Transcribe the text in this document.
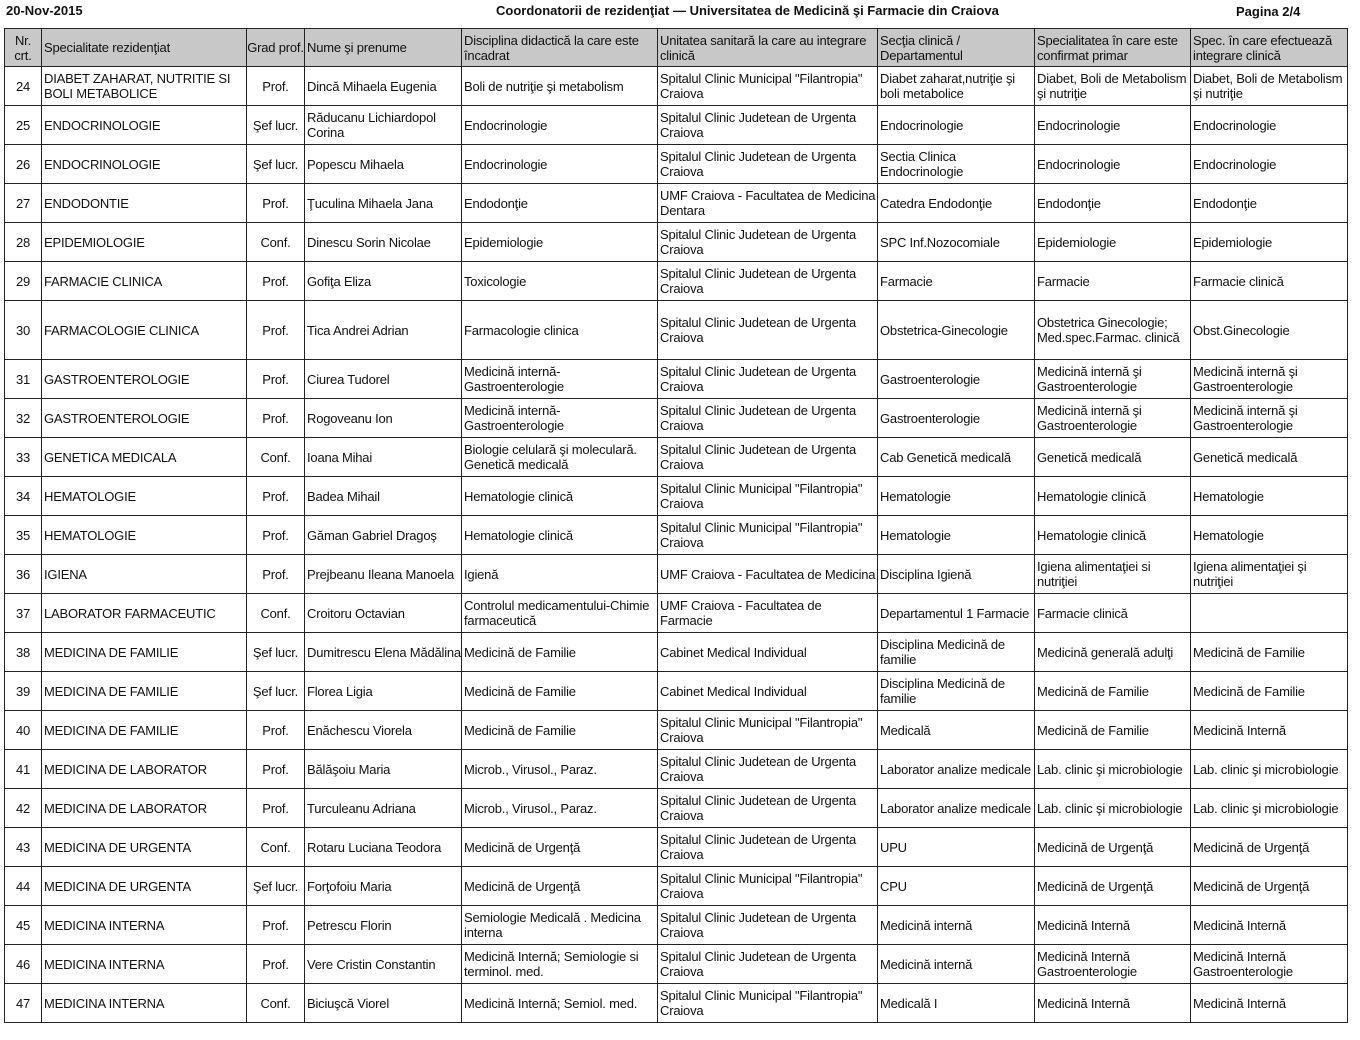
20-Nov-2015	Coordonatorii de rezidenţiat — Universitatea de Medicină şi Farmacie din Craiova	Pagina 2/4
Nr. crt.	Specialitate rezidenţiat	Grad prof.	Nume şi prenume	Disciplina didactică la care este încadrat	Unitatea sanitară la care au integrare clinică	Secţia clinică / Departamentul	Specialitatea în care este confirmat primar	Spec. în care efectuează integrare clinică
24	DIABET ZAHARAT, NUTRITIE SI BOLI METABOLICE	Prof.	Dincă Mihaela Eugenia	Boli de nutriţie şi metabolism	Spitalul Clinic Municipal "Filantropia" Craiova	Diabet zaharat,nutriţie şi boli metabolice	Diabet, Boli de Metabolism şi nutriţie	Diabet, Boli de Metabolism şi nutriţie
25	ENDOCRINOLOGIE	Şef lucr.	Răducanu Lichiardopol Corina	Endocrinologie	Spitalul Clinic Judetean de Urgenta Craiova	Endocrinologie	Endocrinologie	Endocrinologie
26	ENDOCRINOLOGIE	Şef lucr.	Popescu Mihaela	Endocrinologie	Spitalul Clinic Judetean de Urgenta Craiova	Sectia Clinica Endocrinologie	Endocrinologie	Endocrinologie
27	ENDODONTIE	Prof.	Ţuculina Mihaela Jana	Endodonţie	UMF Craiova - Facultatea de Medicina Dentara	Catedra Endodonţie	Endodonţie	Endodonţie
28	EPIDEMIOLOGIE	Conf.	Dinescu Sorin Nicolae	Epidemiologie	Spitalul Clinic Judetean de Urgenta Craiova	SPC Inf.Nozocomiale	Epidemiologie	Epidemiologie
29	FARMACIE CLINICA	Prof.	Gofiţa Eliza	Toxicologie	Spitalul Clinic Judetean de Urgenta Craiova	Farmacie	Farmacie	Farmacie clinică
30	FARMACOLOGIE CLINICA	Prof.	Tica Andrei Adrian	Farmacologie clinica	Spitalul Clinic Judetean de Urgenta Craiova	Obstetrica-Ginecologie	Obstetrica Ginecologie; Med.spec.Farmac. clinică	Obst.Ginecologie
31	GASTROENTEROLOGIE	Prof.	Ciurea Tudorel	Medicină internă-Gastroenterologie	Spitalul Clinic Judetean de Urgenta Craiova	Gastroenterologie	Medicină internă şi Gastroenterologie	Medicină internă şi Gastroenterologie
32	GASTROENTEROLOGIE	Prof.	Rogoveanu Ion	Medicină internă-Gastroenterologie	Spitalul Clinic Judetean de Urgenta Craiova	Gastroenterologie	Medicină internă şi Gastroenterologie	Medicină internă şi Gastroenterologie
33	GENETICA MEDICALA	Conf.	Ioana Mihai	Biologie celulară şi moleculară. Genetică medicală	Spitalul Clinic Judetean de Urgenta Craiova	Cab Genetică medicală	Genetică medicală	Genetică medicală
34	HEMATOLOGIE	Prof.	Badea Mihail	Hematologie clinică	Spitalul Clinic Municipal "Filantropia" Craiova	Hematologie	Hematologie clinică	Hematologie
35	HEMATOLOGIE	Prof.	Găman Gabriel Dragoş	Hematologie clinică	Spitalul Clinic Municipal "Filantropia" Craiova	Hematologie	Hematologie clinică	Hematologie
36	IGIENA	Prof.	Prejbeanu Ileana Manoela	Igienă	UMF Craiova - Facultatea de Medicina	Disciplina Igienă	Igiena alimentaţiei si nutriţiei	Igiena alimentaţiei şi nutriţiei
37	LABORATOR FARMACEUTIC	Conf.	Croitoru Octavian	Controlul medicamentului-Chimie farmaceutică	UMF Craiova - Facultatea de Farmacie	Departamentul 1 Farmacie	Farmacie clinică	
38	MEDICINA DE FAMILIE	Şef lucr.	Dumitrescu Elena Mădălina	Medicină de Familie	Cabinet Medical Individual	Disciplina Medicină de familie	Medicină generală adulţi	Medicină de Familie
39	MEDICINA DE FAMILIE	Şef lucr.	Florea Ligia	Medicină de Familie	Cabinet Medical Individual	Disciplina Medicină de familie	Medicină de Familie	Medicină de Familie
40	MEDICINA DE FAMILIE	Prof.	Enăchescu Viorela	Medicină de Familie	Spitalul Clinic Municipal "Filantropia" Craiova	Medicală	Medicină de Familie	Medicină Internă
41	MEDICINA DE LABORATOR	Prof.	Bălăşoiu Maria	Microb., Virusol., Paraz.	Spitalul Clinic Judetean de Urgenta Craiova	Laborator analize medicale	Lab. clinic şi microbiologie	Lab. clinic şi microbiologie
42	MEDICINA DE LABORATOR	Prof.	Turculeanu Adriana	Microb., Virusol., Paraz.	Spitalul Clinic Judetean de Urgenta Craiova	Laborator analize medicale	Lab. clinic şi microbiologie	Lab. clinic şi microbiologie
43	MEDICINA DE URGENTA	Conf.	Rotaru Luciana Teodora	Medicină de Urgenţă	Spitalul Clinic Judetean de Urgenta Craiova	UPU	Medicină de Urgenţă	Medicină de Urgenţă
44	MEDICINA DE URGENTA	Şef lucr.	Forţofoiu Maria	Medicină de Urgenţă	Spitalul Clinic Municipal "Filantropia" Craiova	CPU	Medicină de Urgenţă	Medicină de Urgenţă
45	MEDICINA INTERNA	Prof.	Petrescu Florin	Semiologie Medicală . Medicina interna	Spitalul Clinic Judetean de Urgenta Craiova	Medicină internă	Medicină Internă	Medicină Internă
46	MEDICINA INTERNA	Prof.	Vere Cristin Constantin	Medicină Internă; Semiologie si terminol. med.	Spitalul Clinic Judetean de Urgenta Craiova	Medicină internă	Medicină Internă Gastroenterologie	Medicină Internă Gastroenterologie
47	MEDICINA INTERNA	Conf.	Biciuşcă Viorel	Medicină Internă; Semiol. med.	Spitalul Clinic Municipal "Filantropia" Craiova	Medicală I	Medicină Internă	Medicină Internă
